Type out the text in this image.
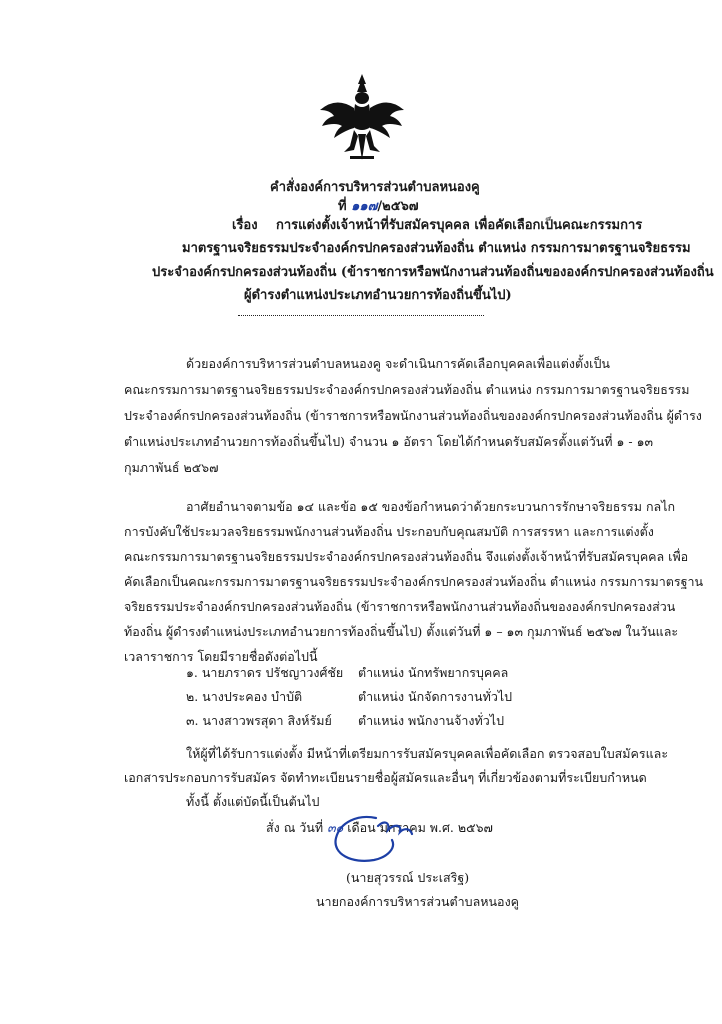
คำสั่งองค์การบริหารส่วนตำบลหนองคู
ที่ ๑๑๗/๒๕๖๗
เรื่อง การแต่งตั้งเจ้าหน้าที่รับสมัครบุคคล เพื่อคัดเลือกเป็นคณะกรรมการ
มาตรฐานจริยธรรมประจำองค์กรปกครองส่วนท้องถิ่น ตำแหน่ง กรรมการมาตรฐานจริยธรรม
ประจำองค์กรปกครองส่วนท้องถิ่น (ข้าราชการหรือพนักงานส่วนท้องถิ่นขององค์กรปกครองส่วนท้องถิ่น
ผู้ดำรงตำแหน่งประเภทอำนวยการท้องถิ่นขึ้นไป)
ด้วยองค์การบริหารส่วนตำบลหนองคู จะดำเนินการคัดเลือกบุคคลเพื่อแต่งตั้งเป็น
คณะกรรมการมาตรฐานจริยธรรมประจำองค์กรปกครองส่วนท้องถิ่น ตำแหน่ง กรรมการมาตรฐานจริยธรรม
ประจำองค์กรปกครองส่วนท้องถิ่น (ข้าราชการหรือพนักงานส่วนท้องถิ่นขององค์กรปกครองส่วนท้องถิ่น ผู้ดำรง
ตำแหน่งประเภทอำนวยการท้องถิ่นขึ้นไป) จำนวน ๑ อัตรา โดยได้กำหนดรับสมัครตั้งแต่วันที่ ๑ - ๑๓
กุมภาพันธ์ ๒๕๖๗
อาศัยอำนาจตามข้อ ๑๔ และข้อ ๑๕ ของข้อกำหนดว่าด้วยกระบวนการรักษาจริยธรรม กลไก
การบังคับใช้ประมวลจริยธรรมพนักงานส่วนท้องถิ่น ประกอบกับคุณสมบัติ การสรรหา และการแต่งตั้ง
คณะกรรมการมาตรฐานจริยธรรมประจำองค์กรปกครองส่วนท้องถิ่น จึงแต่งตั้งเจ้าหน้าที่รับสมัครบุคคล เพื่อ
คัดเลือกเป็นคณะกรรมการมาตรฐานจริยธรรมประจำองค์กรปกครองส่วนท้องถิ่น ตำแหน่ง กรรมการมาตรฐาน
จริยธรรมประจำองค์กรปกครองส่วนท้องถิ่น (ข้าราชการหรือพนักงานส่วนท้องถิ่นขององค์กรปกครองส่วน
ท้องถิ่น ผู้ดำรงตำแหน่งประเภทอำนวยการท้องถิ่นขึ้นไป) ตั้งแต่วันที่ ๑ – ๑๓ กุมภาพันธ์ ๒๕๖๗ ในวันและ
เวลาราชการ โดยมีรายชื่อดังต่อไปนี้
๑. นายภราดร ปรัชญาวงศ์ชัย ตำแหน่ง นักทรัพยากรบุคคล
๒. นางประคอง บำบัติ	ตำแหน่ง นักจัดการงานทั่วไป
๓. นางสาวพรสุดา สิงห์รัมย์ ตำแหน่ง พนักงานจ้างทั่วไป
ให้ผู้ที่ได้รับการแต่งตั้ง มีหน้าที่เตรียมการรับสมัครบุคคลเพื่อคัดเลือก ตรวจสอบใบสมัครและ
เอกสารประกอบการรับสมัคร จัดทำทะเบียนรายชื่อผู้สมัครและอื่นๆ ที่เกี่ยวข้องตามที่ระเบียบกำหนด
ทั้งนี้ ตั้งแต่บัดนี้เป็นต้นไป
สั่ง ณ วันที่ ๓๐ เดือน มกราคม พ.ศ. ๒๕๖๗
(นายสุวรรณ์ ประเสริฐ)
นายกองค์การบริหารส่วนตำบลหนองคู
